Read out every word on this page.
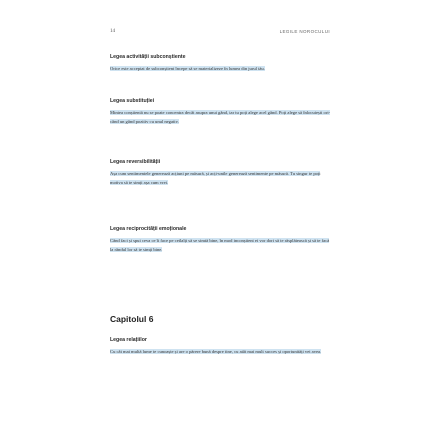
14	LEGILE NOROCULUI
Legea activității subconștiente
Orice este acceptat de subconștient începe să se materializeze în lumea din jurul tău.
Legea substituției
Mintea conștientă nu se poate concentra decât asupra unui gând, iar tu poți alege acel gând. Poți alege să înlocuiești ori-când un gând pozitiv cu unul negativ.
Legea reversibilității
Așa cum sentimentele generează acțiuni pe măsură, și acți-unile generează sentimente pe măsură. Tu singur te poți motiva să te simți așa cum vrei.
Legea reciprocității emoționale
Când faci și spui ceva ce îi face pe ceilalți să se simtă bine, în mod inconștient ei vor dori să te răsplătească și să te facă la rândul lor să te simți bine.
Capitolul 6
Legea relațiilor
Cu cât mai multă lume te cunoaște și are o părere bună despre tine, cu atât mai mult succes și oportunități vei avea.
